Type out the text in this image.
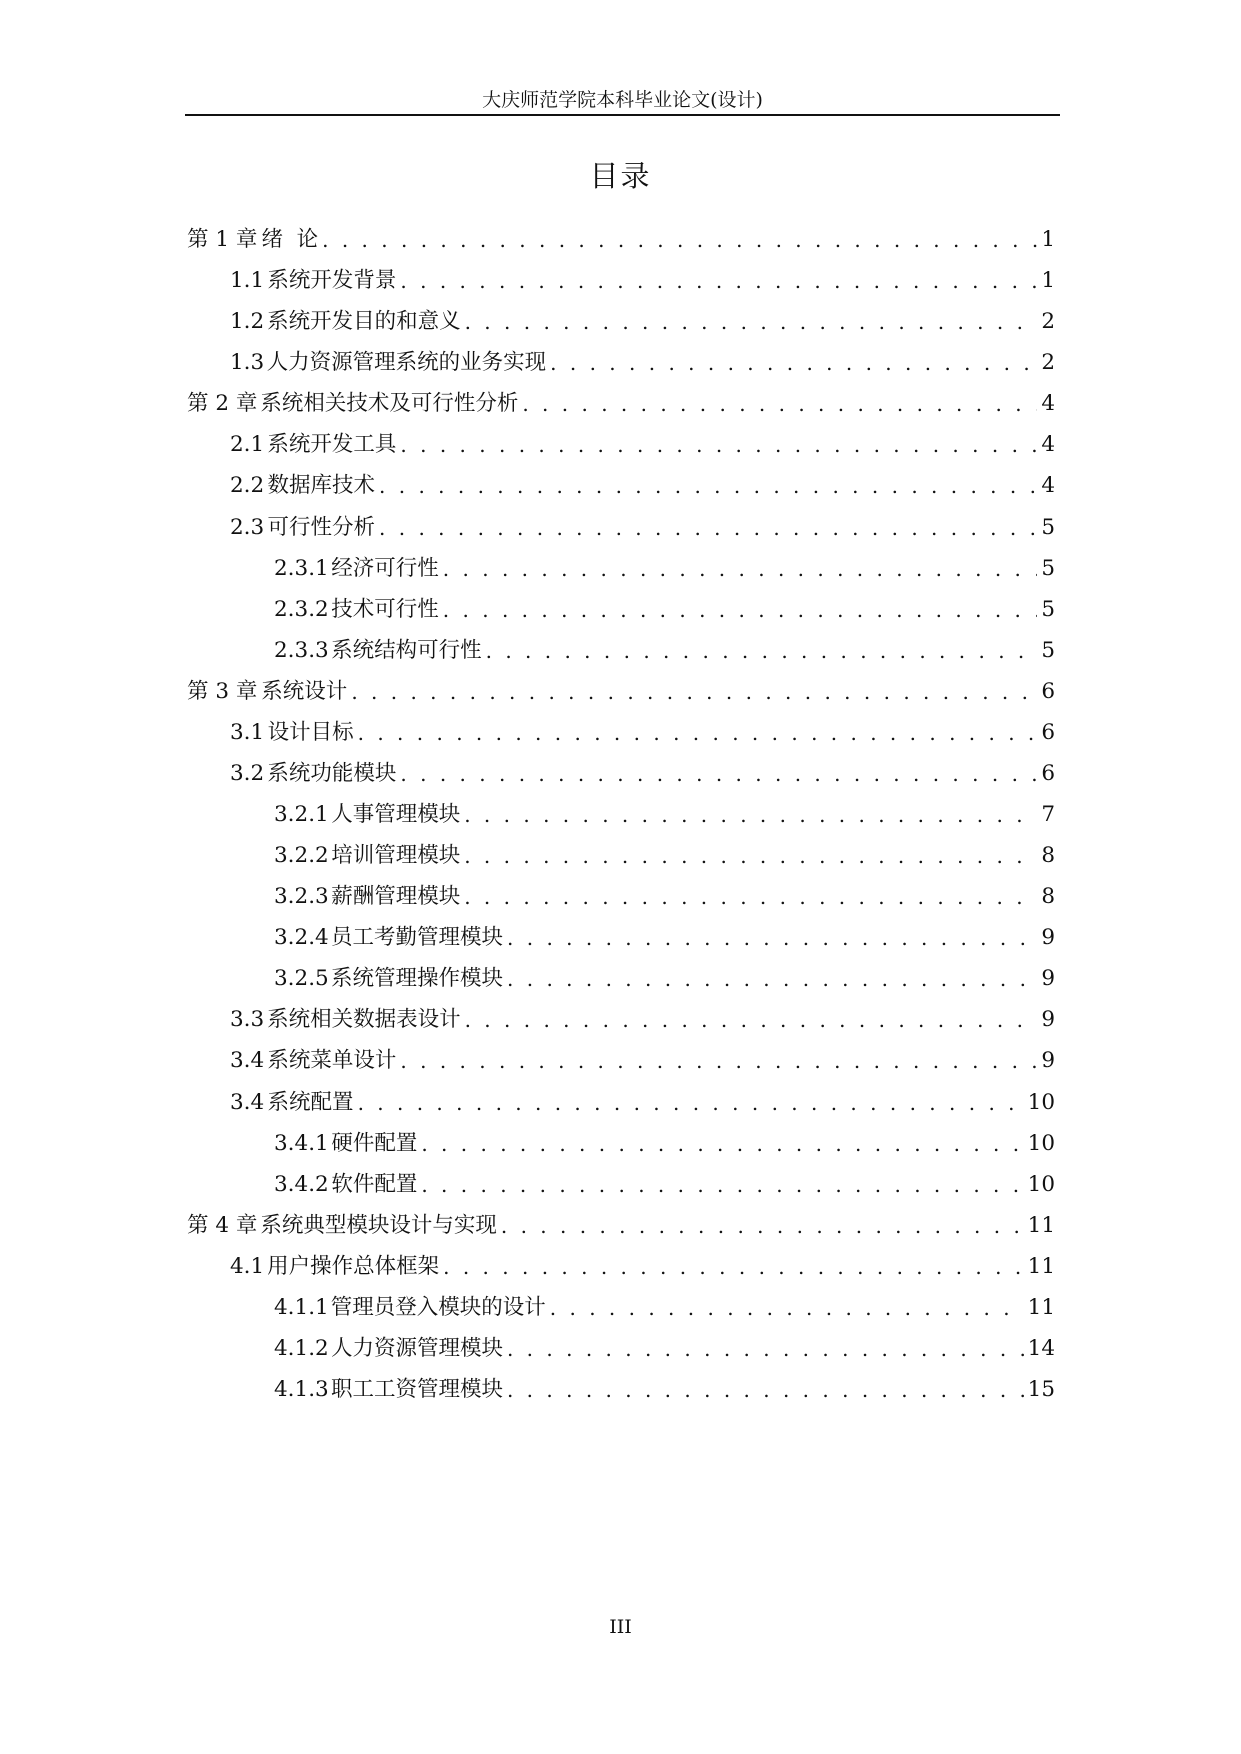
大庆师范学院本科毕业论文(设计)
目录
第 1 章 绪  论 . . .	1
1.1 系统开发背景 . . .	1
1.2 系统开发目的和意义 . . .	2
1.3 人力资源管理系统的业务实现 . . .	2
第 2 章 系统相关技术及可行性分析 . . .	4
2.1 系统开发工具 . . .	4
2.2 数据库技术 . . .	4
2.3 可行性分析 . . .	5
2.3.1 经济可行性 . . .	5
2.3.2 技术可行性 . . .	5
2.3.3 系统结构可行性 . . .	5
第 3 章 系统设计 . . .	6
3.1 设计目标 . . .	6
3.2 系统功能模块 . . .	6
3.2.1 人事管理模块 . . .	7
3.2.2 培训管理模块 . . .	8
3.2.3 薪酬管理模块 . . .	8
3.2.4 员工考勤管理模块 . . .	9
3.2.5 系统管理操作模块 . . .	9
3.3 系统相关数据表设计 . . .	9
3.4 系统菜单设计 . . .	9
3.4 系统配置 . . .	10
3.4.1 硬件配置 . . .	10
3.4.2 软件配置 . . .	10
第 4 章 系统典型模块设计与实现 . . .	11
4.1 用户操作总体框架 . . .	11
4.1.1 管理员登入模块的设计 . . .	11
4.1.2 人力资源管理模块 . . .	14
4.1.3 职工工资管理模块 . . .	15
III
